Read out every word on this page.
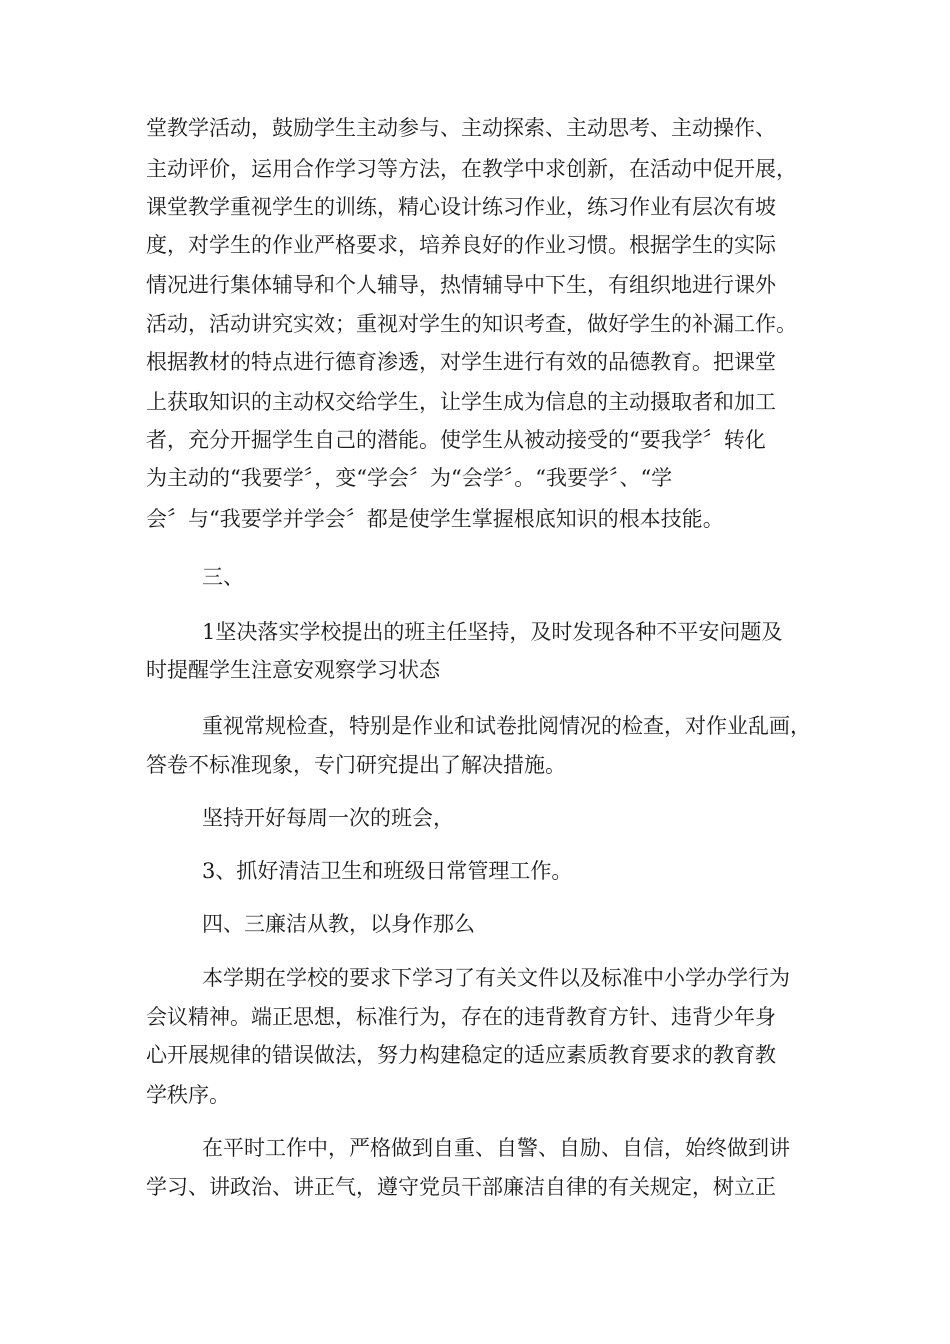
堂教学活动，鼓励学生主动参与、主动探索、主动思考、主动操作、

主动评价，运用合作学习等方法，在教学中求创新，在活动中促开展，

课堂教学重视学生的训练，精心设计练习作业，练习作业有层次有坡

度，对学生的作业严格要求，培养良好的作业习惯。根据学生的实际

情况进行集体辅导和个人辅导，热情辅导中下生，有组织地进行课外

活动，活动讲究实效；重视对学生的知识考查，做好学生的补漏工作。

根据教材的特点进行德育渗透，对学生进行有效的品德教育。把课堂

上获取知识的主动权交给学生，让学生成为信息的主动摄取者和加工

者，充分开掘学生自己的潜能。使学生从被动接受的“要我学〞转化

为主动的“我要学〞，变“学会〞为“会学〞。“我要学〞、“学

会〞与“我要学并学会〞都是使学生掌握根底知识的根本技能。

三、

1坚决落实学校提出的班主任坚持，及时发现各种不平安问题及

时提醒学生注意安观察学习状态

重视常规检查，特别是作业和试卷批阅情况的检查，对作业乱画，

答卷不标准现象，专门研究提出了解决措施。

坚持开好每周一次的班会，

3、抓好清洁卫生和班级日常管理工作。

四、三廉洁从教，以身作那么

本学期在学校的要求下学习了有关文件以及标准中小学办学行为

会议精神。端正思想，标准行为，存在的违背教育方针、违背少年身

心开展规律的错误做法，努力构建稳定的适应素质教育要求的教育教

学秩序。

在平时工作中，严格做到自重、自警、自励、自信，始终做到讲

学习、讲政治、讲正气，遵守党员干部廉洁自律的有关规定，树立正
